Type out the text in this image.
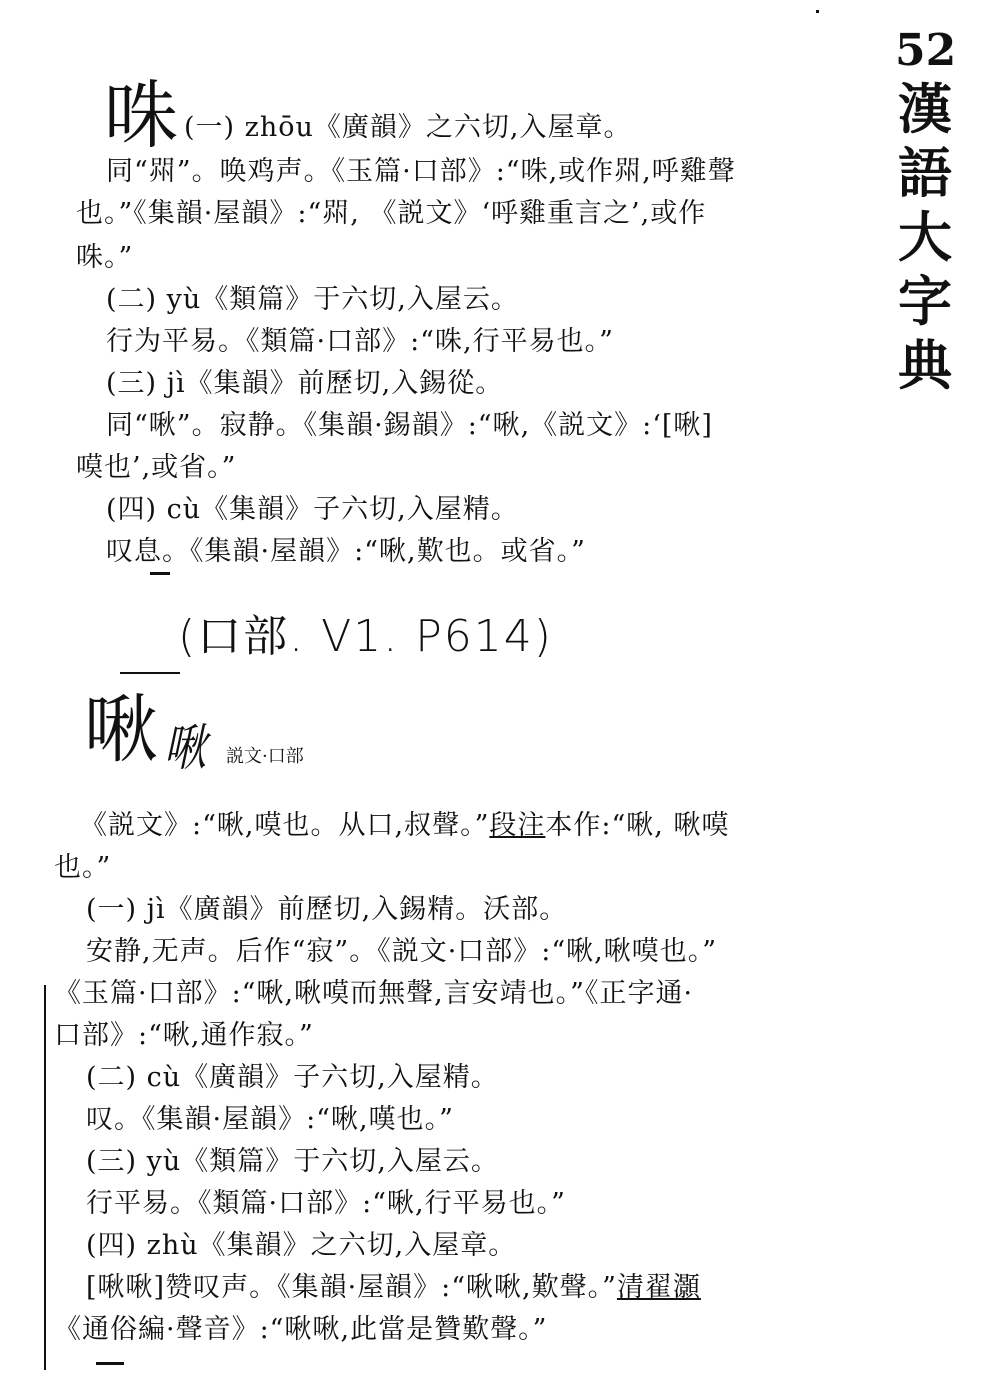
52
漢
語
大
字
典
咮 (一) zhōu《廣韻》之六切,入屋章。
同“喌”。唤鸡声。《玉篇·口部》:“咮,或作喌,呼雞聲
也。”《集韻·屋韻》:“喌, 《説文》‘呼雞重言之’,或作
咮。”
(二) yù《類篇》于六切,入屋云。
行为平易。《類篇·口部》:“咮,行平易也。”
(三) jì《集韻》前歷切,入錫從。
同“啾”。寂静。《集韻·錫韻》:“啾,《説文》:‘[啾]
嗼也’,或省。”
(四) cù《集韻》子六切,入屋精。
叹息。《集韻·屋韻》:“啾,歎也。或省。”
(口部. V1. P614)
啾 啾 説文·口部
《説文》:“啾,嗼也。从口,叔聲。”段注本作:“啾, 啾嗼
也。”
(一) jì《廣韻》前歷切,入錫精。沃部。
安静,无声。后作“寂”。《説文·口部》:“啾,啾嗼也。”
《玉篇·口部》:“啾,啾嗼而無聲,言安靖也。”《正字通·
口部》:“啾,通作寂。”
(二) cù《廣韻》子六切,入屋精。
叹。《集韻·屋韻》:“啾,嘆也。”
(三) yù《類篇》于六切,入屋云。
行平易。《類篇·口部》:“啾,行平易也。”
(四) zhù《集韻》之六切,入屋章。
[啾啾]赞叹声。《集韻·屋韻》:“啾啾,歎聲。”清翟灝
《通俗編·聲音》:“啾啾,此當是贊歎聲。”
